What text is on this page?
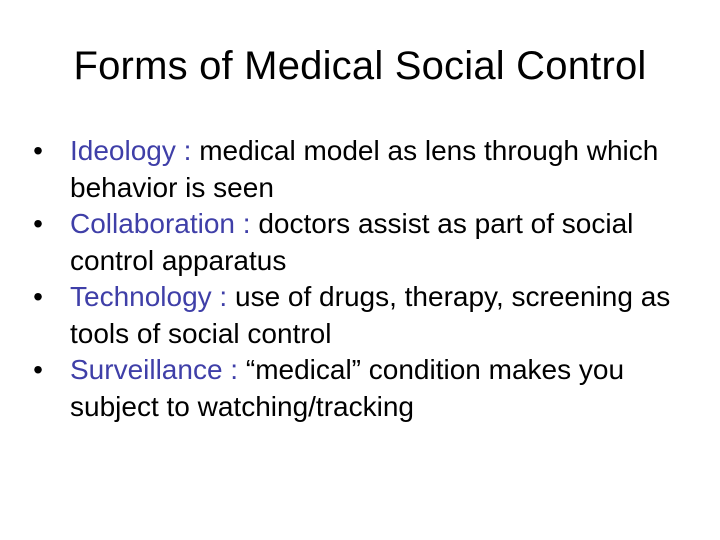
Forms of Medical Social Control
• Ideology : medical model as lens through which behavior is seen
• Collaboration : doctors assist as part of social control apparatus
• Technology : use of drugs, therapy, screening as tools of social control
• Surveillance : “medical” condition makes you subject to watching/tracking
